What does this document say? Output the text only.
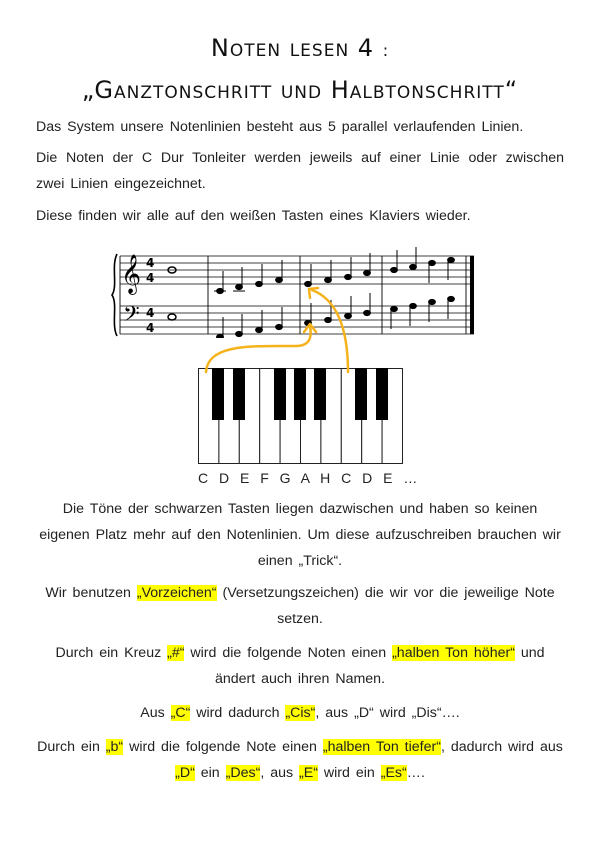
Noten lesen 4 :
„Ganztonschritt und Halbtonschritt“
Das System unsere Notenlinien besteht aus 5 parallel verlaufenden Linien.
Die Noten der C Dur Tonleiter werden jeweils auf einer Linie oder zwischen zwei Linien eingezeichnet.
Diese finden wir alle auf den weißen Tasten eines Klaviers wieder.
𝄞
𝄢
4
4
4
4
C D E F G A H C D E …
Die Töne der schwarzen Tasten liegen dazwischen und haben so keinen eigenen Platz mehr auf den Notenlinien. Um diese aufzuschreiben brauchen wir einen „Trick“.
Wir benutzen „Vorzeichen“ (Versetzungszeichen) die wir vor die jeweilige Note setzen.
Durch ein Kreuz „#“ wird die folgende Noten einen „halben Ton höher“ und ändert auch ihren Namen.
Aus „C“ wird dadurch „Cis“, aus „D“ wird „Dis“….
Durch ein „b“ wird die folgende Note einen „halben Ton tiefer“, dadurch wird aus „D“ ein „Des“, aus „E“ wird ein „Es“….
